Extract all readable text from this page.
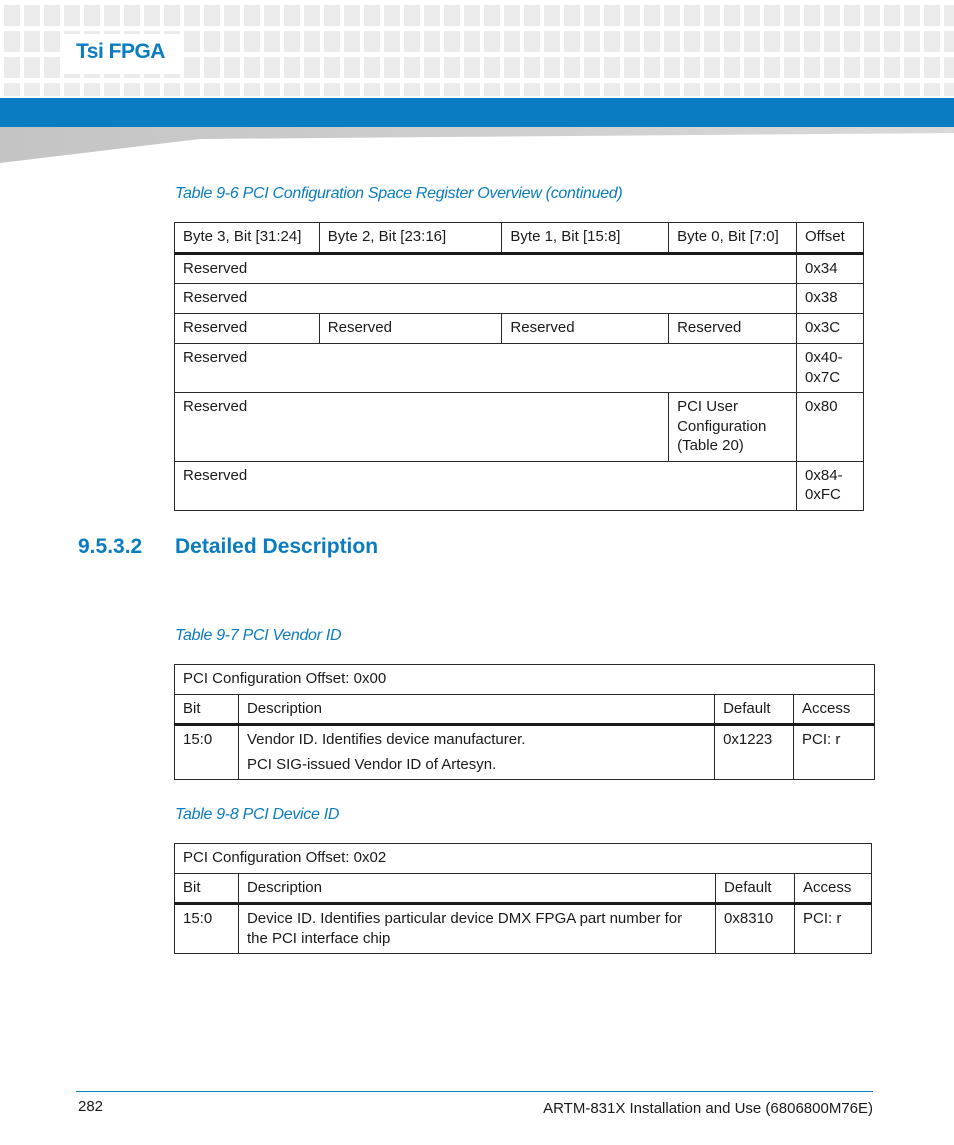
Tsi FPGA
Table 9-6 PCI Configuration Space Register Overview (continued)
Byte 3, Bit [31:24]	Byte 2, Bit [23:16]	Byte 1, Bit [15:8]	Byte 0, Bit [7:0]	Offset
Reserved				0x34
Reserved				0x38
Reserved	Reserved	Reserved	Reserved	0x3C
Reserved				0x40-
0x7C
Reserved			PCI User
Configuration
(Table 20)	0x80
Reserved				0x84-
0xFC
9.5.3.2 Detailed Description
Table 9-7 PCI Vendor ID
PCI Configuration Offset: 0x00			
Bit	Description	Default	Access
15:0	Vendor ID. Identifies device manufacturer.
PCI SIG-issued Vendor ID of Artesyn.	0x1223	PCI: r
Table 9-8 PCI Device ID
PCI Configuration Offset: 0x02			
Bit	Description	Default	Access
15:0	Device ID. Identifies particular device DMX FPGA part number for the PCI interface chip	0x8310	PCI: r
282	ARTM-831X Installation and Use (6806800M76E)
